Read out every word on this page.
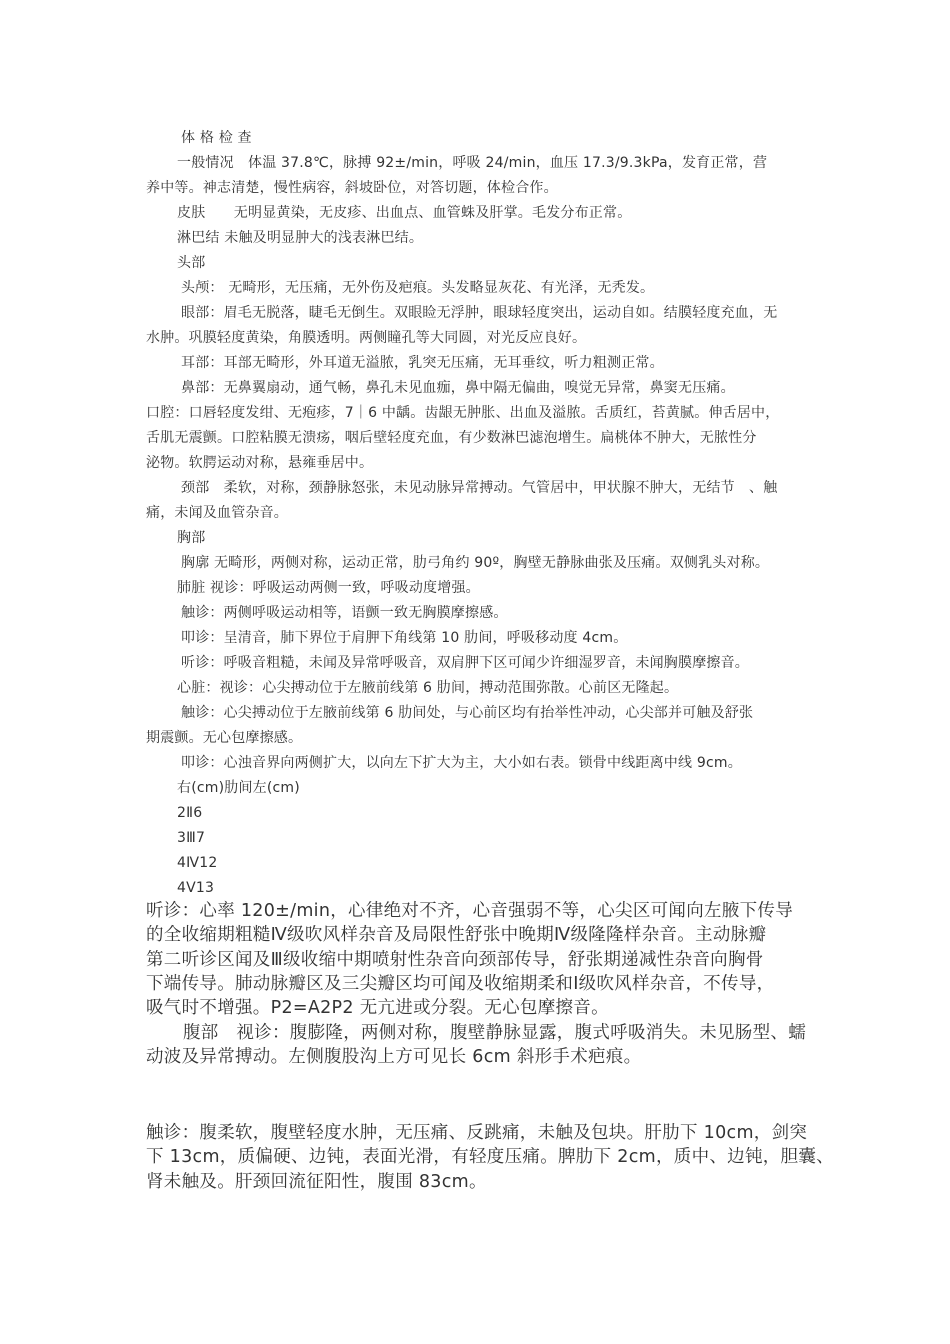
体 格 检 查

一般情况　体温 37.8℃，脉搏 92±/min，呼吸 24/min，血压 17.3/9.3kPa，发育正常，营

养中等。神志清楚，慢性病容，斜坡卧位，对答切题，体检合作。

皮肤　　无明显黄染，无皮疹、出血点、血管蛛及肝掌。毛发分布正常。

淋巴结 未触及明显肿大的浅表淋巴结。

头部

头颅： 无畸形，无压痛，无外伤及疤痕。头发略显灰花、有光泽，无秃发。

眼部：眉毛无脱落，睫毛无倒生。双眼睑无浮肿，眼球轻度突出，运动自如。结膜轻度充血，无

水肿。巩膜轻度黄染，角膜透明。两侧瞳孔等大同圆，对光反应良好。

耳部：耳部无畸形，外耳道无溢脓，乳突无压痛，无耳垂纹，听力粗测正常。

鼻部：无鼻翼扇动，通气畅，鼻孔未见血痂，鼻中隔无偏曲，嗅觉无异常，鼻窦无压痛。

口腔：口唇轻度发绀、无疱疹，7｜6 中龋。齿龈无肿胀、出血及溢脓。舌质红，苔黄腻。伸舌居中，

舌肌无震颤。口腔粘膜无溃疡，咽后壁轻度充血，有少数淋巴滤泡增生。扁桃体不肿大，无脓性分

泌物。软腭运动对称，悬雍垂居中。

颈部　柔软，对称，颈静脉怒张，未见动脉异常搏动。气管居中，甲状腺不肿大，无结节　、触

痛，未闻及血管杂音。

胸部

胸廓 无畸形，两侧对称，运动正常，肋弓角约 90º，胸壁无静脉曲张及压痛。双侧乳头对称。

肺脏 视诊：呼吸运动两侧一致，呼吸动度增强。

触诊：两侧呼吸运动相等，语颤一致无胸膜摩擦感。

叩诊：呈清音，肺下界位于肩胛下角线第 10 肋间，呼吸移动度 4cm。

听诊：呼吸音粗糙，未闻及异常呼吸音，双肩胛下区可闻少许细湿罗音，未闻胸膜摩擦音。

心脏：视诊：心尖搏动位于左腋前线第 6 肋间，搏动范围弥散。心前区无隆起。

触诊：心尖搏动位于左腋前线第 6 肋间处，与心前区均有抬举性冲动，心尖部并可触及舒张

期震颤。无心包摩擦感。

叩诊：心浊音界向两侧扩大，以向左下扩大为主，大小如右表。锁骨中线距离中线 9cm。

右(cm)肋间左(cm)

2Ⅱ6

3Ⅲ7

4Ⅳ12

4Ⅴ13

听诊：心率 120±/min，心律绝对不齐，心音强弱不等，心尖区可闻向左腋下传导

的全收缩期粗糙Ⅳ级吹风样杂音及局限性舒张中晚期Ⅳ级隆隆样杂音。主动脉瓣

第二听诊区闻及Ⅲ级收缩中期喷射性杂音向颈部传导，舒张期递减性杂音向胸骨

下端传导。肺动脉瓣区及三尖瓣区均可闻及收缩期柔和Ⅰ级吹风样杂音，不传导，

吸气时不增强。P2=A2P2 无亢进或分裂。无心包摩擦音。

腹部　视诊：腹膨隆，两侧对称，腹壁静脉显露，腹式呼吸消失。未见肠型、蠕

动波及异常搏动。左侧腹股沟上方可见长 6cm 斜形手术疤痕。

触诊：腹柔软，腹壁轻度水肿，无压痛、反跳痛，未触及包块。肝肋下 10cm，剑突

下 13cm，质偏硬、边钝，表面光滑，有轻度压痛。脾肋下 2cm，质中、边钝，胆囊、

肾未触及。肝颈回流征阳性，腹围 83cm。
